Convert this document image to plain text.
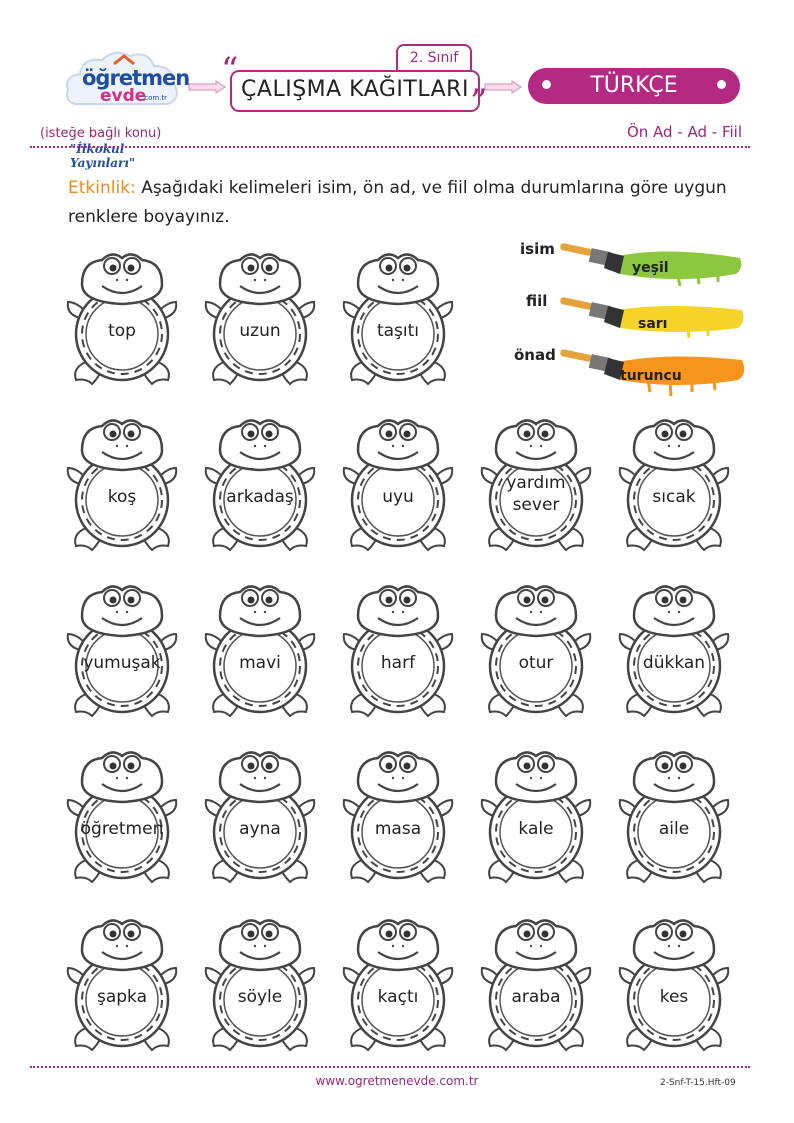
öğretmen
evde
.com.tr
"İlkokul Yayınları"
(isteğe bağlı konu)
2. Sınıf
ÇALIŞMA KAĞITLARI
“
”	TÜRKÇE
Ön Ad - Ad - Fiil
Etkinlik: Aşağıdaki kelimeleri isim, ön ad, ve fiil olma durumlarına göre uygun renklere boyayınız.
isim
yeşil
fiil
sarı
önad
turuncu
top	uzun	taşıtı
koş	arkadaş	uyu
yardım
sever	sıcak
yumuşak	mavi	harf	otur	dükkan
öğretmen	ayna	masa	kale	aile
şapka	söyle	kaçtı	araba	kes
www.ogretmenevde.com.tr	2-Snf-T-15.Hft-09
